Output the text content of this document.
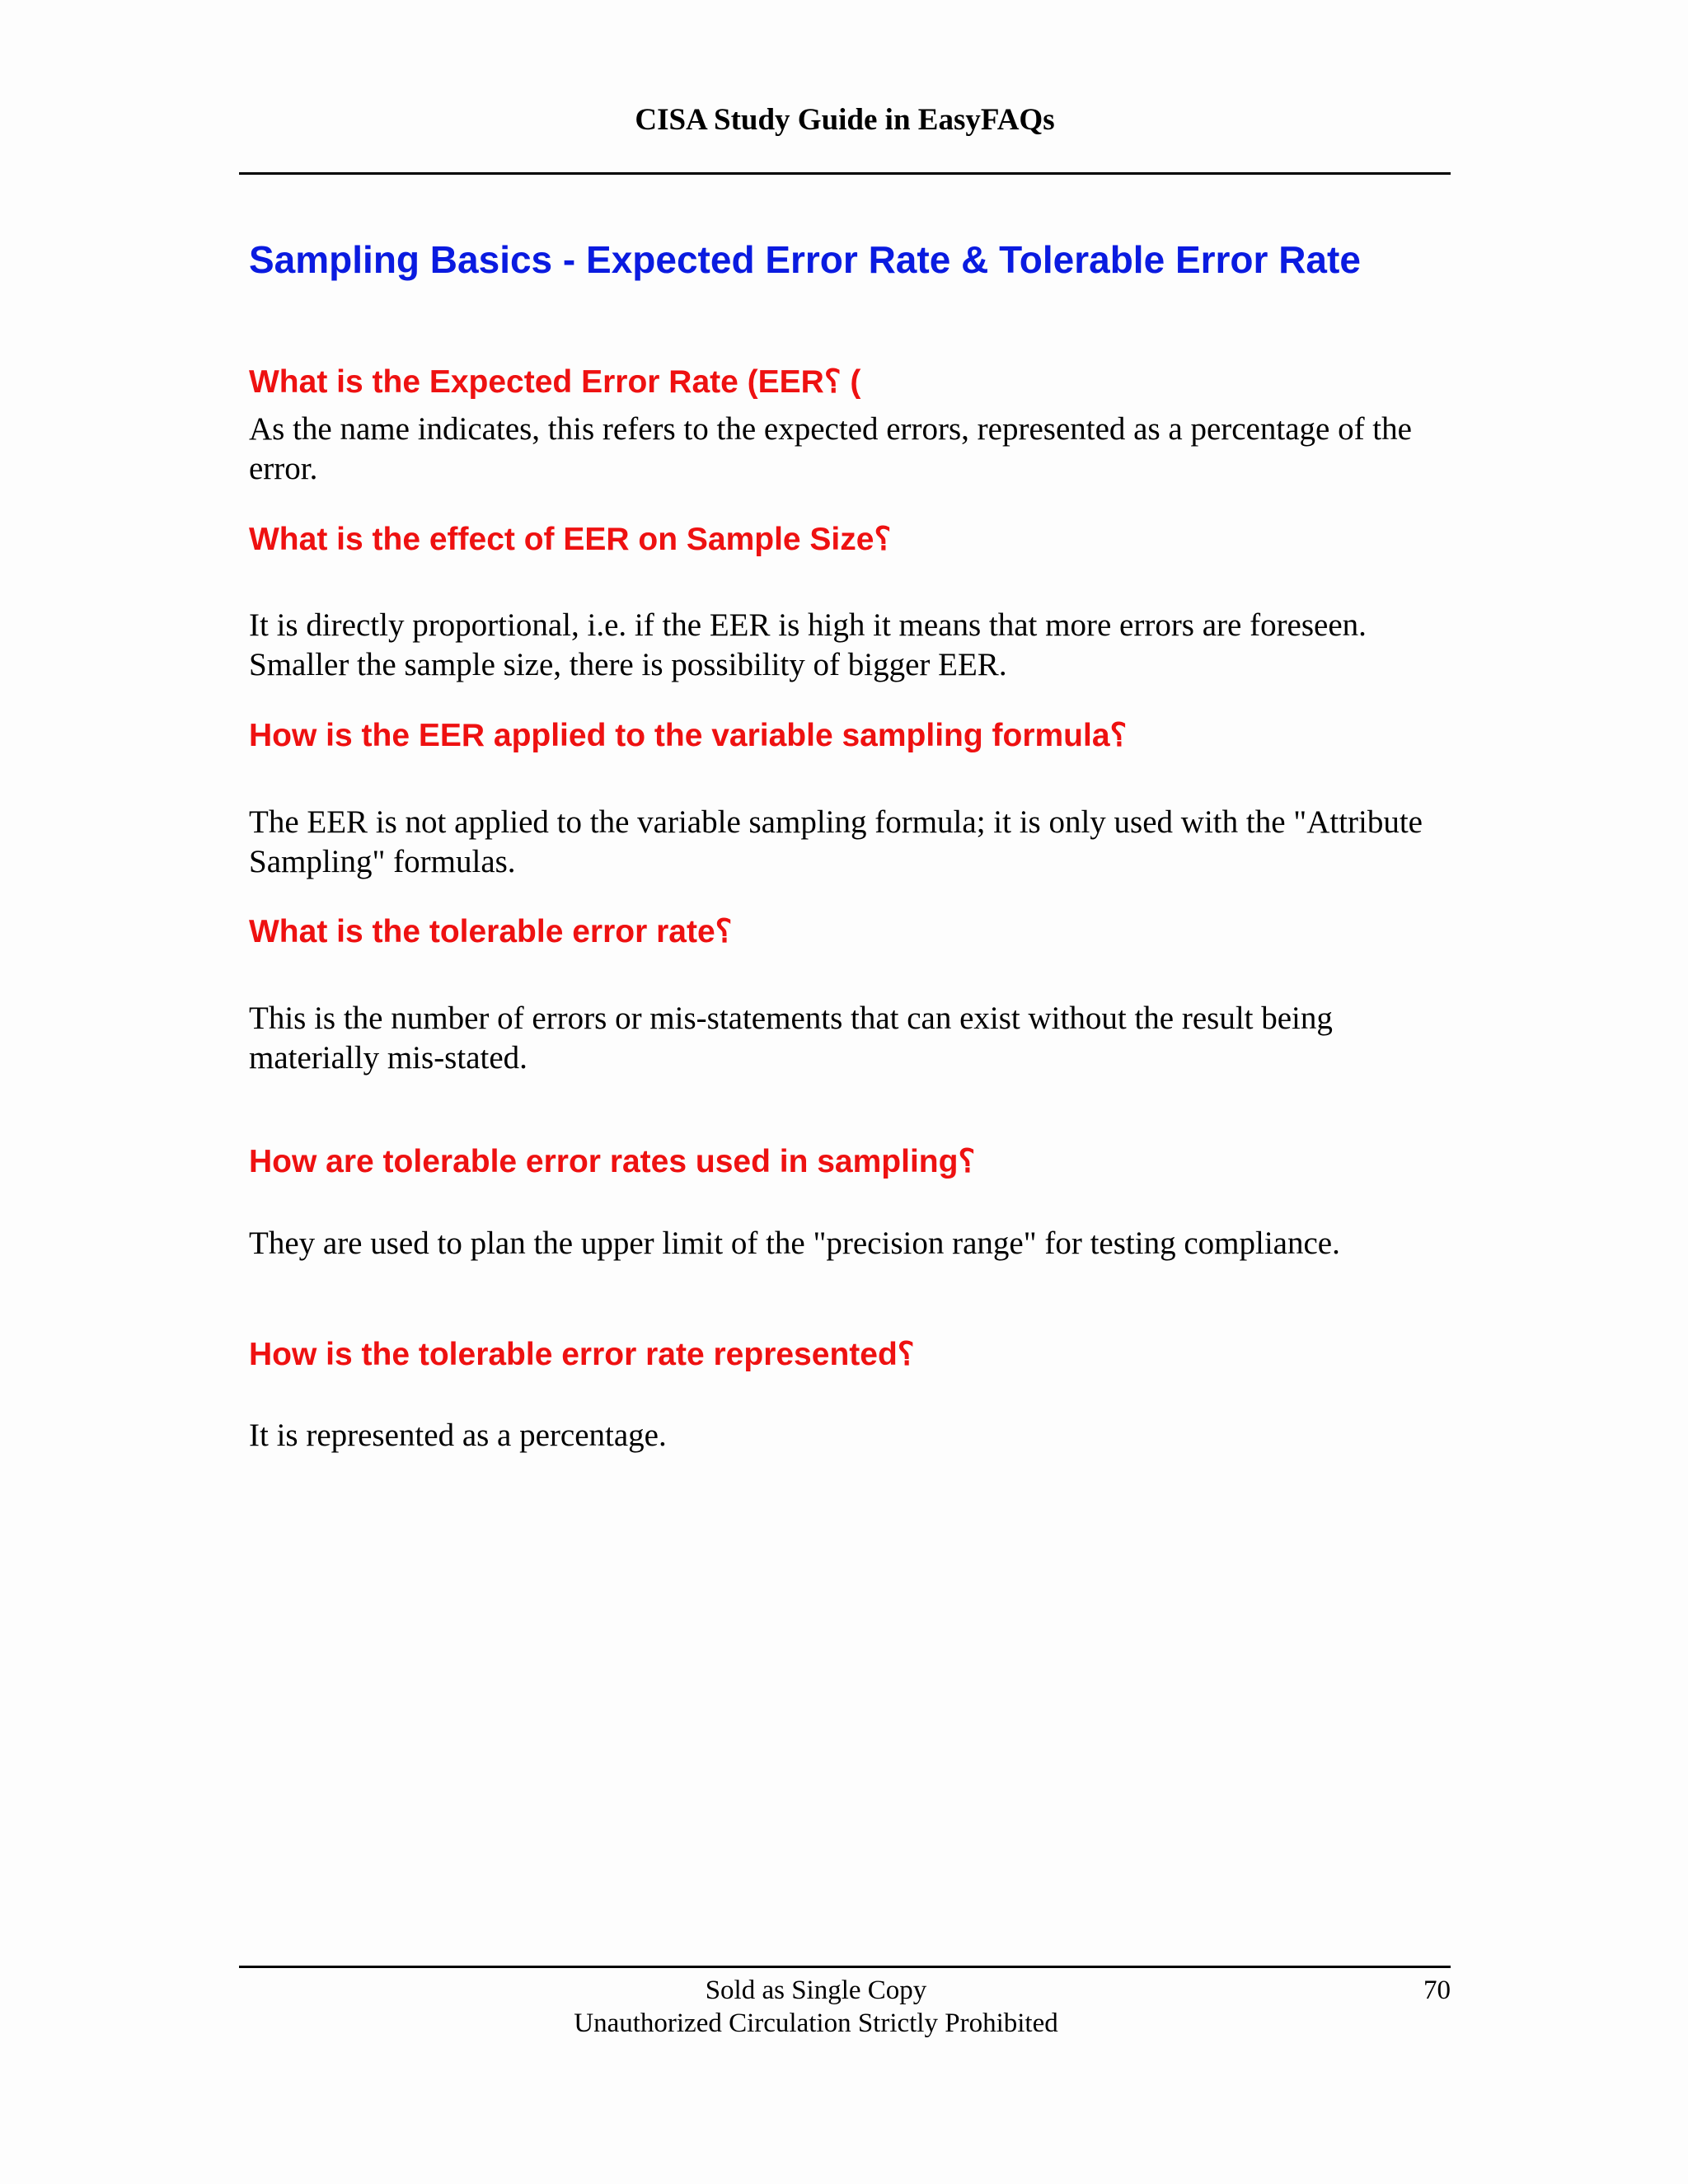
CISA Study Guide in EasyFAQs
Sampling Basics - Expected Error Rate & Tolerable Error Rate
What is the Expected Error Rate (EER؟ (

As the name indicates, this refers to the expected errors, represented as a percentage of the error.

What is the effect of EER on Sample Size؟

It is directly proportional, i.e. if the EER is high it means that more errors are foreseen. Smaller the sample size, there is possibility of bigger EER.

How is the EER applied to the variable sampling formula؟

The EER is not applied to the variable sampling formula; it is only used with the "Attribute Sampling" formulas.

What is the tolerable error rate؟

This is the number of errors or mis-statements that can exist without the result being materially mis-stated.

How are tolerable error rates used in sampling؟

They are used to plan the upper limit of the "precision range" for testing compliance.

How is the tolerable error rate represented؟

It is represented as a percentage.

Sold as Single Copy
Unauthorized Circulation Strictly Prohibited
70
